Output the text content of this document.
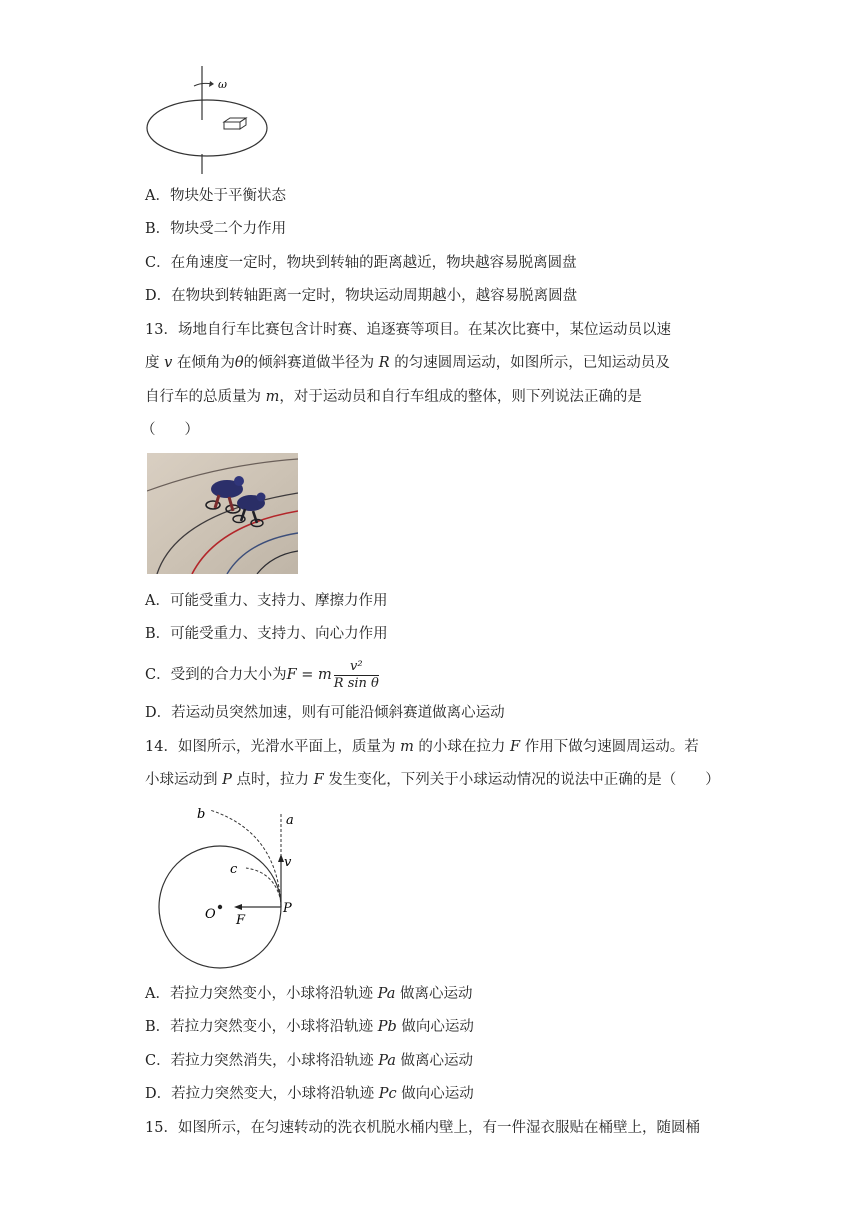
ω
A．物块处于平衡状态
B．物块受二个力作用
C．在角速度一定时，物块到转轴的距离越近，物块越容易脱离圆盘
D．在物块到转轴距离一定时，物块运动周期越小，越容易脱离圆盘
13．场地自行车比赛包含计时赛、追逐赛等项目。在某次比赛中，某位运动员以速
度 v 在倾角为θ的倾斜赛道做半径为 R 的匀速圆周运动，如图所示，已知运动员及
自行车的总质量为 m，对于运动员和自行车组成的整体，则下列说法正确的是
（　　）
A．可能受重力、支持力、摩擦力作用
B．可能受重力、支持力、向心力作用
C．受到的合力大小为F = m $\frac{\text{v²}}{\text{R sin θ}}$
D．若运动员突然加速，则有可能沿倾斜赛道做离心运动
14．如图所示，光滑水平面上，质量为 m 的小球在拉力 F 作用下做匀速圆周运动。若
小球运动到 P 点时，拉力 F 发生变化，下列关于小球运动情况的说法中正确的是（　　）
O
a
v
b
c
F
P
A．若拉力突然变小，小球将沿轨迹 Pa 做离心运动
B．若拉力突然变小，小球将沿轨迹 Pb 做向心运动
C．若拉力突然消失，小球将沿轨迹 Pa 做离心运动
D．若拉力突然变大，小球将沿轨迹 Pc 做向心运动
15．如图所示，在匀速转动的洗衣机脱水桶内壁上，有一件湿衣服贴在桶壁上，随圆桶
